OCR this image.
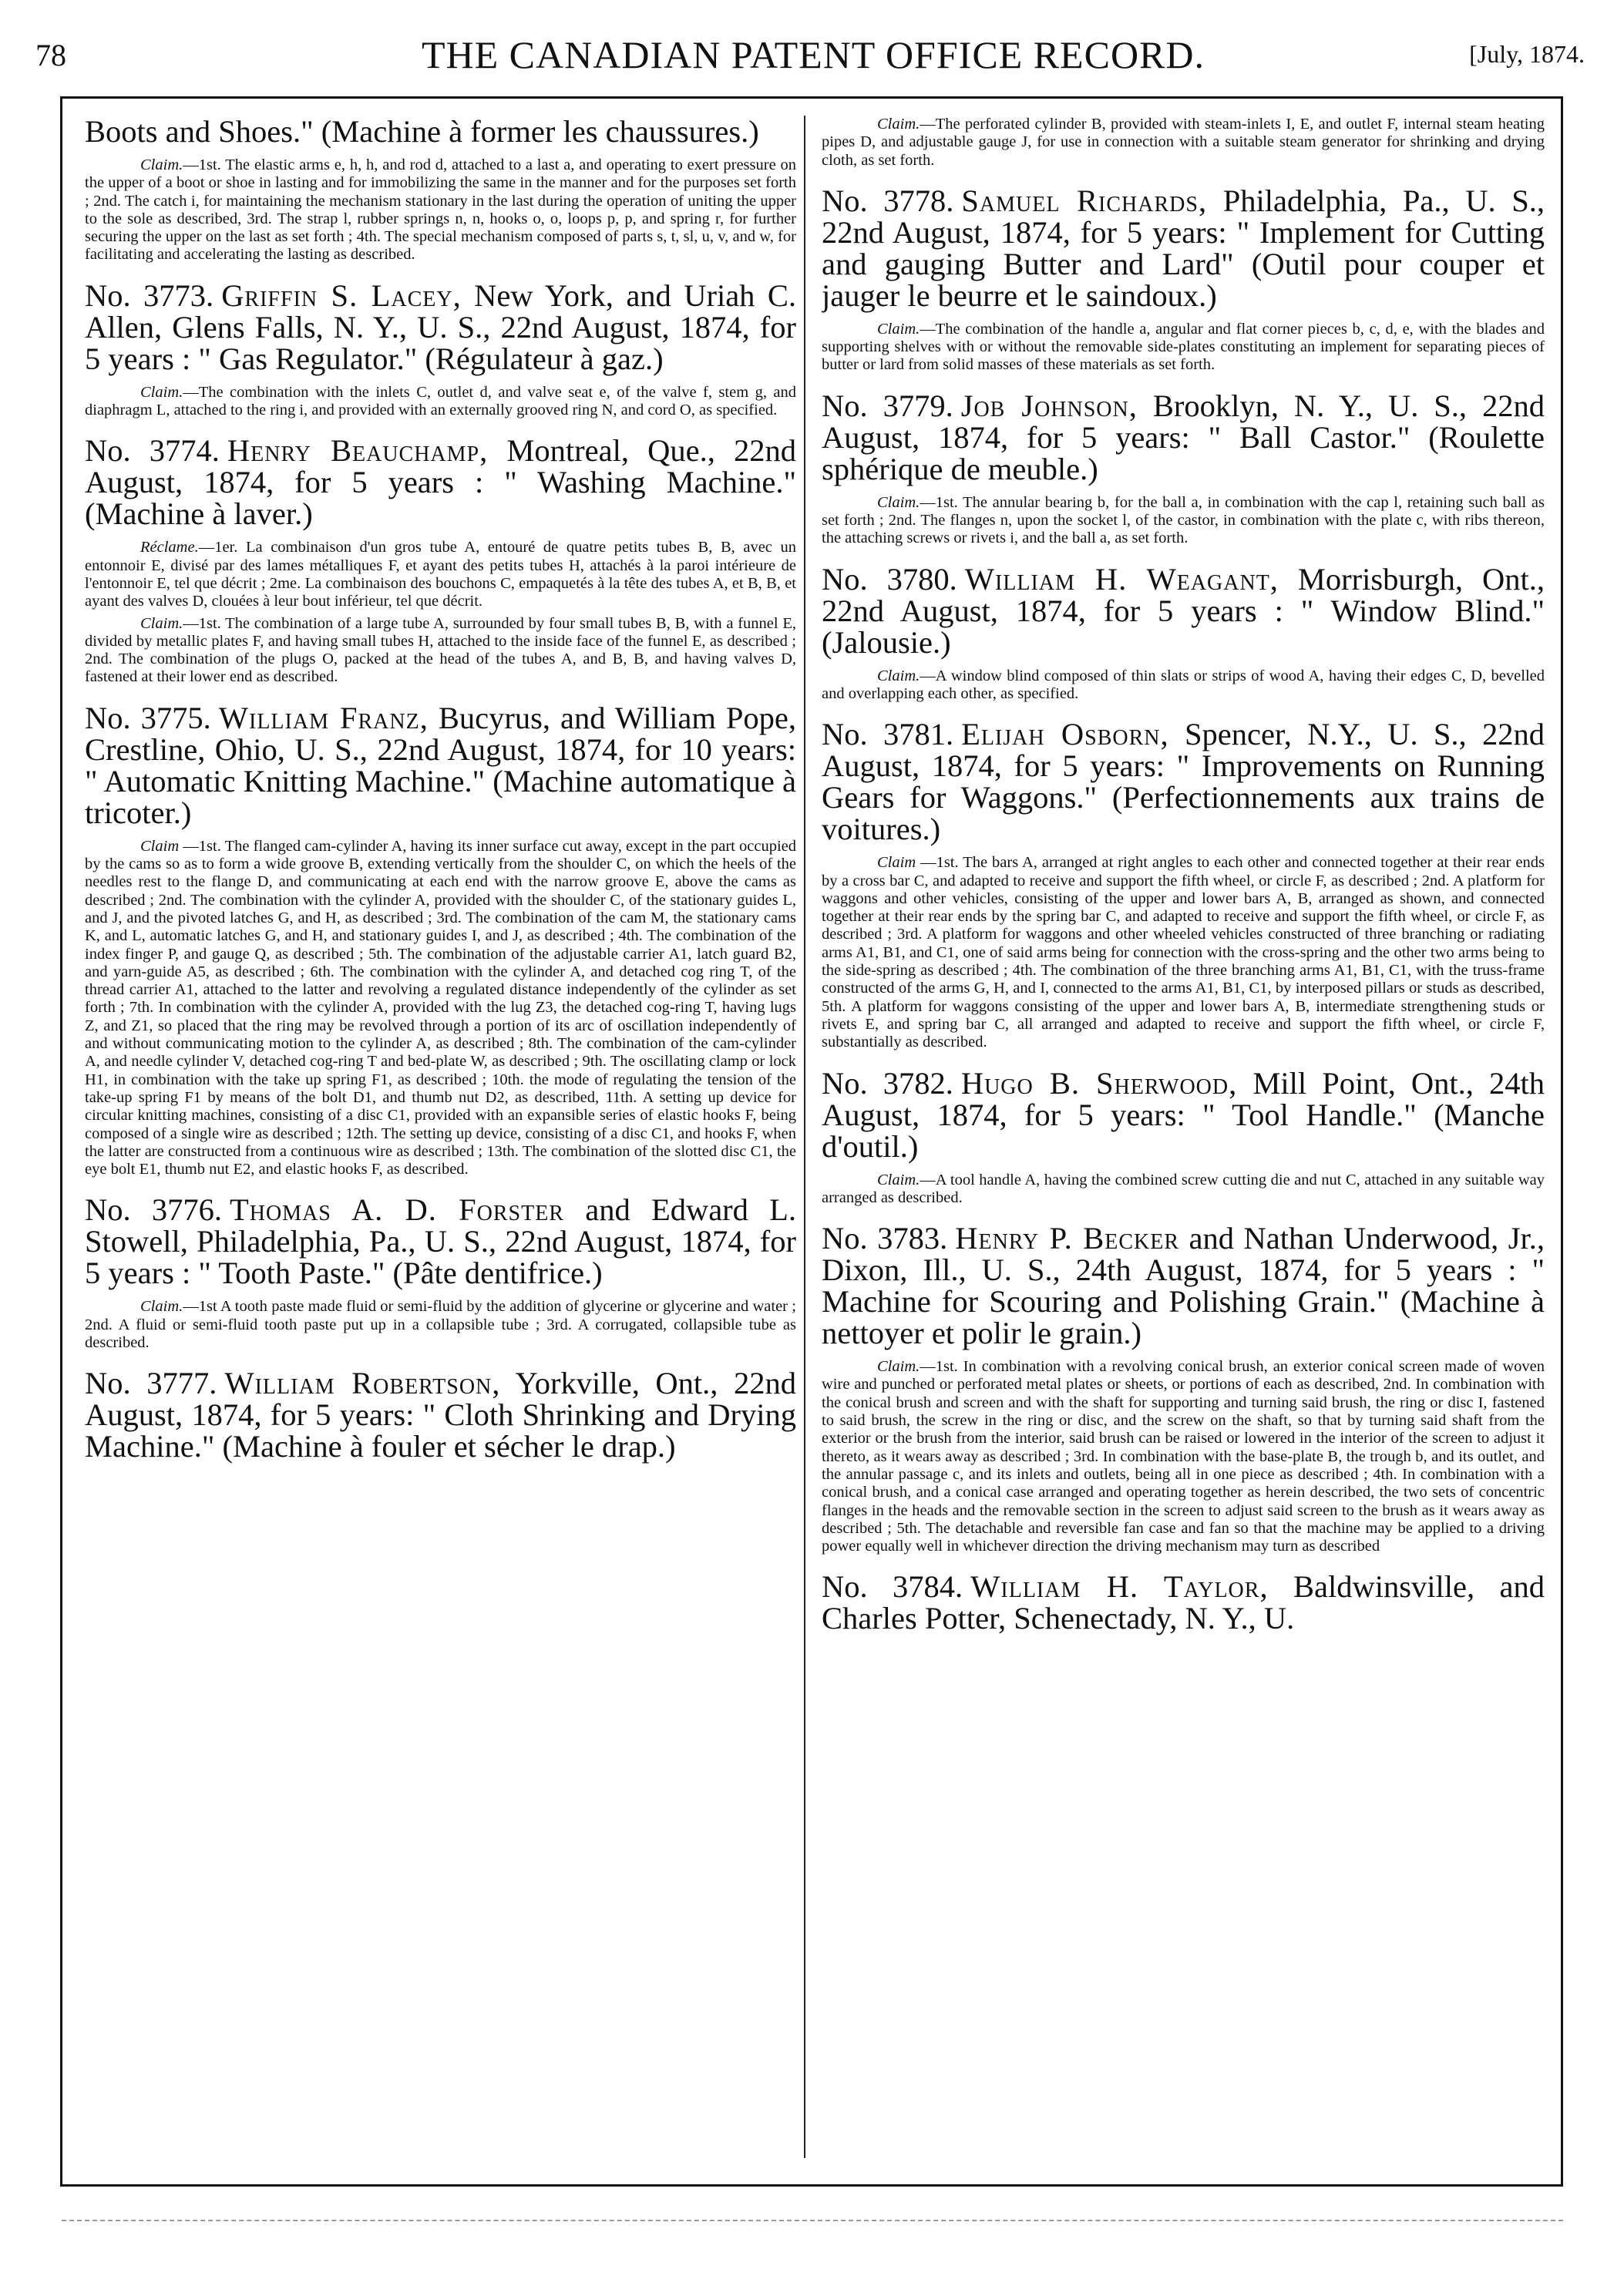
78	THE CANADIAN PATENT OFFICE RECORD.	[July, 1874.
Boots and Shoes." (Machine à former les chaussures.)

Claim.—1st. The elastic arms e, h, h, and rod d, attached to a last a, and operating to exert pressure on the upper of a boot or shoe in lasting and for immobilizing the same in the manner and for the purposes set forth ; 2nd. The catch i, for maintaining the mechanism stationary in the last during the operation of uniting the upper to the sole as described, 3rd. The strap l, rubber springs n, n, hooks o, o, loops p, p, and spring r, for further securing the upper on the last as set forth ; 4th. The special mechanism composed of parts s, t, sl, u, v, and w, for facilitating and accelerating the lasting as described.

No. 3773. Griffin S. Lacey, New York, and Uriah C. Allen, Glens Falls, N. Y., U. S., 22nd August, 1874, for 5 years : " Gas Regulator." (Régulateur à gaz.)

Claim.—The combination with the inlets C, outlet d, and valve seat e, of the valve f, stem g, and diaphragm L, attached to the ring i, and provided with an externally grooved ring N, and cord O, as specified.

No. 3774. Henry Beauchamp, Montreal, Que., 22nd August, 1874, for 5 years : " Washing Machine." (Machine à laver.)

Réclame.—1er. La combinaison d'un gros tube A, entouré de quatre petits tubes B, B, avec un entonnoir E, divisé par des lames métalliques F, et ayant des petits tubes H, attachés à la paroi intérieure de l'entonnoir E, tel que décrit ; 2me. La combinaison des bouchons C, empaquetés à la tête des tubes A, et B, B, et ayant des valves D, clouées à leur bout inférieur, tel que décrit.

Claim.—1st. The combination of a large tube A, surrounded by four small tubes B, B, with a funnel E, divided by metallic plates F, and having small tubes H, attached to the inside face of the funnel E, as described ; 2nd. The combination of the plugs O, packed at the head of the tubes A, and B, B, and having valves D, fastened at their lower end as described.

No. 3775. William Franz, Bucyrus, and William Pope, Crestline, Ohio, U. S., 22nd August, 1874, for 10 years: " Automatic Knitting Machine." (Machine automatique à tricoter.)

Claim —1st. The flanged cam-cylinder A, having its inner surface cut away, except in the part occupied by the cams so as to form a wide groove B, extending vertically from the shoulder C, on which the heels of the needles rest to the flange D, and communicating at each end with the narrow groove E, above the cams as described ; 2nd. The combination with the cylinder A, provided with the shoulder C, of the stationary guides L, and J, and the pivoted latches G, and H, as described ; 3rd. The combination of the cam M, the stationary cams K, and L, automatic latches G, and H, and stationary guides I, and J, as described ; 4th. The combination of the index finger P, and gauge Q, as described ; 5th. The combination of the adjustable carrier A1, latch guard B2, and yarn-guide A5, as described ; 6th. The combination with the cylinder A, and detached cog ring T, of the thread carrier A1, attached to the latter and revolving a regulated distance independently of the cylinder as set forth ; 7th. In combination with the cylinder A, provided with the lug Z3, the detached cog-ring T, having lugs Z, and Z1, so placed that the ring may be revolved through a portion of its arc of oscillation independently of and without communicating motion to the cylinder A, as described ; 8th. The combination of the cam-cylinder A, and needle cylinder V, detached cog-ring T and bed-plate W, as described ; 9th. The oscillating clamp or lock H1, in combination with the take up spring F1, as described ; 10th. the mode of regulating the tension of the take-up spring F1 by means of the bolt D1, and thumb nut D2, as described, 11th. A setting up device for circular knitting machines, consisting of a disc C1, provided with an expansible series of elastic hooks F, being composed of a single wire as described ; 12th. The setting up device, consisting of a disc C1, and hooks F, when the latter are constructed from a continuous wire as described ; 13th. The combination of the slotted disc C1, the eye bolt E1, thumb nut E2, and elastic hooks F, as described.

No. 3776. Thomas A. D. Forster and Edward L. Stowell, Philadelphia, Pa., U. S., 22nd August, 1874, for 5 years : " Tooth Paste." (Pâte dentifrice.)

Claim.—1st A tooth paste made fluid or semi-fluid by the addition of glycerine or glycerine and water ; 2nd. A fluid or semi-fluid tooth paste put up in a collapsible tube ; 3rd. A corrugated, collapsible tube as described.

No. 3777. William Robertson, Yorkville, Ont., 22nd August, 1874, for 5 years: " Cloth Shrinking and Drying Machine." (Machine à fouler et sécher le drap.)

Claim.—The perforated cylinder B, provided with steam-inlets I, E, and outlet F, internal steam heating pipes D, and adjustable gauge J, for use in connection with a suitable steam generator for shrinking and drying cloth, as set forth.

No. 3778. Samuel Richards, Philadelphia, Pa., U. S., 22nd August, 1874, for 5 years: " Implement for Cutting and gauging Butter and Lard" (Outil pour couper et jauger le beurre et le saindoux.)

Claim.—The combination of the handle a, angular and flat corner pieces b, c, d, e, with the blades and supporting shelves with or without the removable side-plates constituting an implement for separating pieces of butter or lard from solid masses of these materials as set forth.

No. 3779. Job Johnson, Brooklyn, N. Y., U. S., 22nd August, 1874, for 5 years: " Ball Castor." (Roulette sphérique de meuble.)

Claim.—1st. The annular bearing b, for the ball a, in combination with the cap l, retaining such ball as set forth ; 2nd. The flanges n, upon the socket l, of the castor, in combination with the plate c, with ribs thereon, the attaching screws or rivets i, and the ball a, as set forth.

No. 3780. William H. Weagant, Morrisburgh, Ont., 22nd August, 1874, for 5 years : " Window Blind." (Jalousie.)

Claim.—A window blind composed of thin slats or strips of wood A, having their edges C, D, bevelled and overlapping each other, as specified.

No. 3781. Elijah Osborn, Spencer, N.Y., U. S., 22nd August, 1874, for 5 years: " Improvements on Running Gears for Waggons." (Perfectionnements aux trains de voitures.)

Claim —1st. The bars A, arranged at right angles to each other and connected together at their rear ends by a cross bar C, and adapted to receive and support the fifth wheel, or circle F, as described ; 2nd. A platform for waggons and other vehicles, consisting of the upper and lower bars A, B, arranged as shown, and connected together at their rear ends by the spring bar C, and adapted to receive and support the fifth wheel, or circle F, as described ; 3rd. A platform for waggons and other wheeled vehicles constructed of three branching or radiating arms A1, B1, and C1, one of said arms being for connection with the cross-spring and the other two arms being to the side-spring as described ; 4th. The combination of the three branching arms A1, B1, C1, with the truss-frame constructed of the arms G, H, and I, connected to the arms A1, B1, C1, by interposed pillars or studs as described, 5th. A platform for waggons consisting of the upper and lower bars A, B, intermediate strengthening studs or rivets E, and spring bar C, all arranged and adapted to receive and support the fifth wheel, or circle F, substantially as described.

No. 3782. Hugo B. Sherwood, Mill Point, Ont., 24th August, 1874, for 5 years: " Tool Handle." (Manche d'outil.)

Claim.—A tool handle A, having the combined screw cutting die and nut C, attached in any suitable way arranged as described.

No. 3783. Henry P. Becker and Nathan Underwood, Jr., Dixon, Ill., U. S., 24th August, 1874, for 5 years : " Machine for Scouring and Polishing Grain." (Machine à nettoyer et polir le grain.)

Claim.—1st. In combination with a revolving conical brush, an exterior conical screen made of woven wire and punched or perforated metal plates or sheets, or portions of each as described, 2nd. In combination with the conical brush and screen and with the shaft for supporting and turning said brush, the ring or disc I, fastened to said brush, the screw in the ring or disc, and the screw on the shaft, so that by turning said shaft from the exterior or the brush from the interior, said brush can be raised or lowered in the interior of the screen to adjust it thereto, as it wears away as described ; 3rd. In combination with the base-plate B, the trough b, and its outlet, and the annular passage c, and its inlets and outlets, being all in one piece as described ; 4th. In combination with a conical brush, and a conical case arranged and operating together as herein described, the two sets of concentric flanges in the heads and the removable section in the screen to adjust said screen to the brush as it wears away as described ; 5th. The detachable and reversible fan case and fan so that the machine may be applied to a driving power equally well in whichever direction the driving mechanism may turn as described

No. 3784. William H. Taylor, Baldwinsville, and Charles Potter, Schenectady, N. Y., U.
